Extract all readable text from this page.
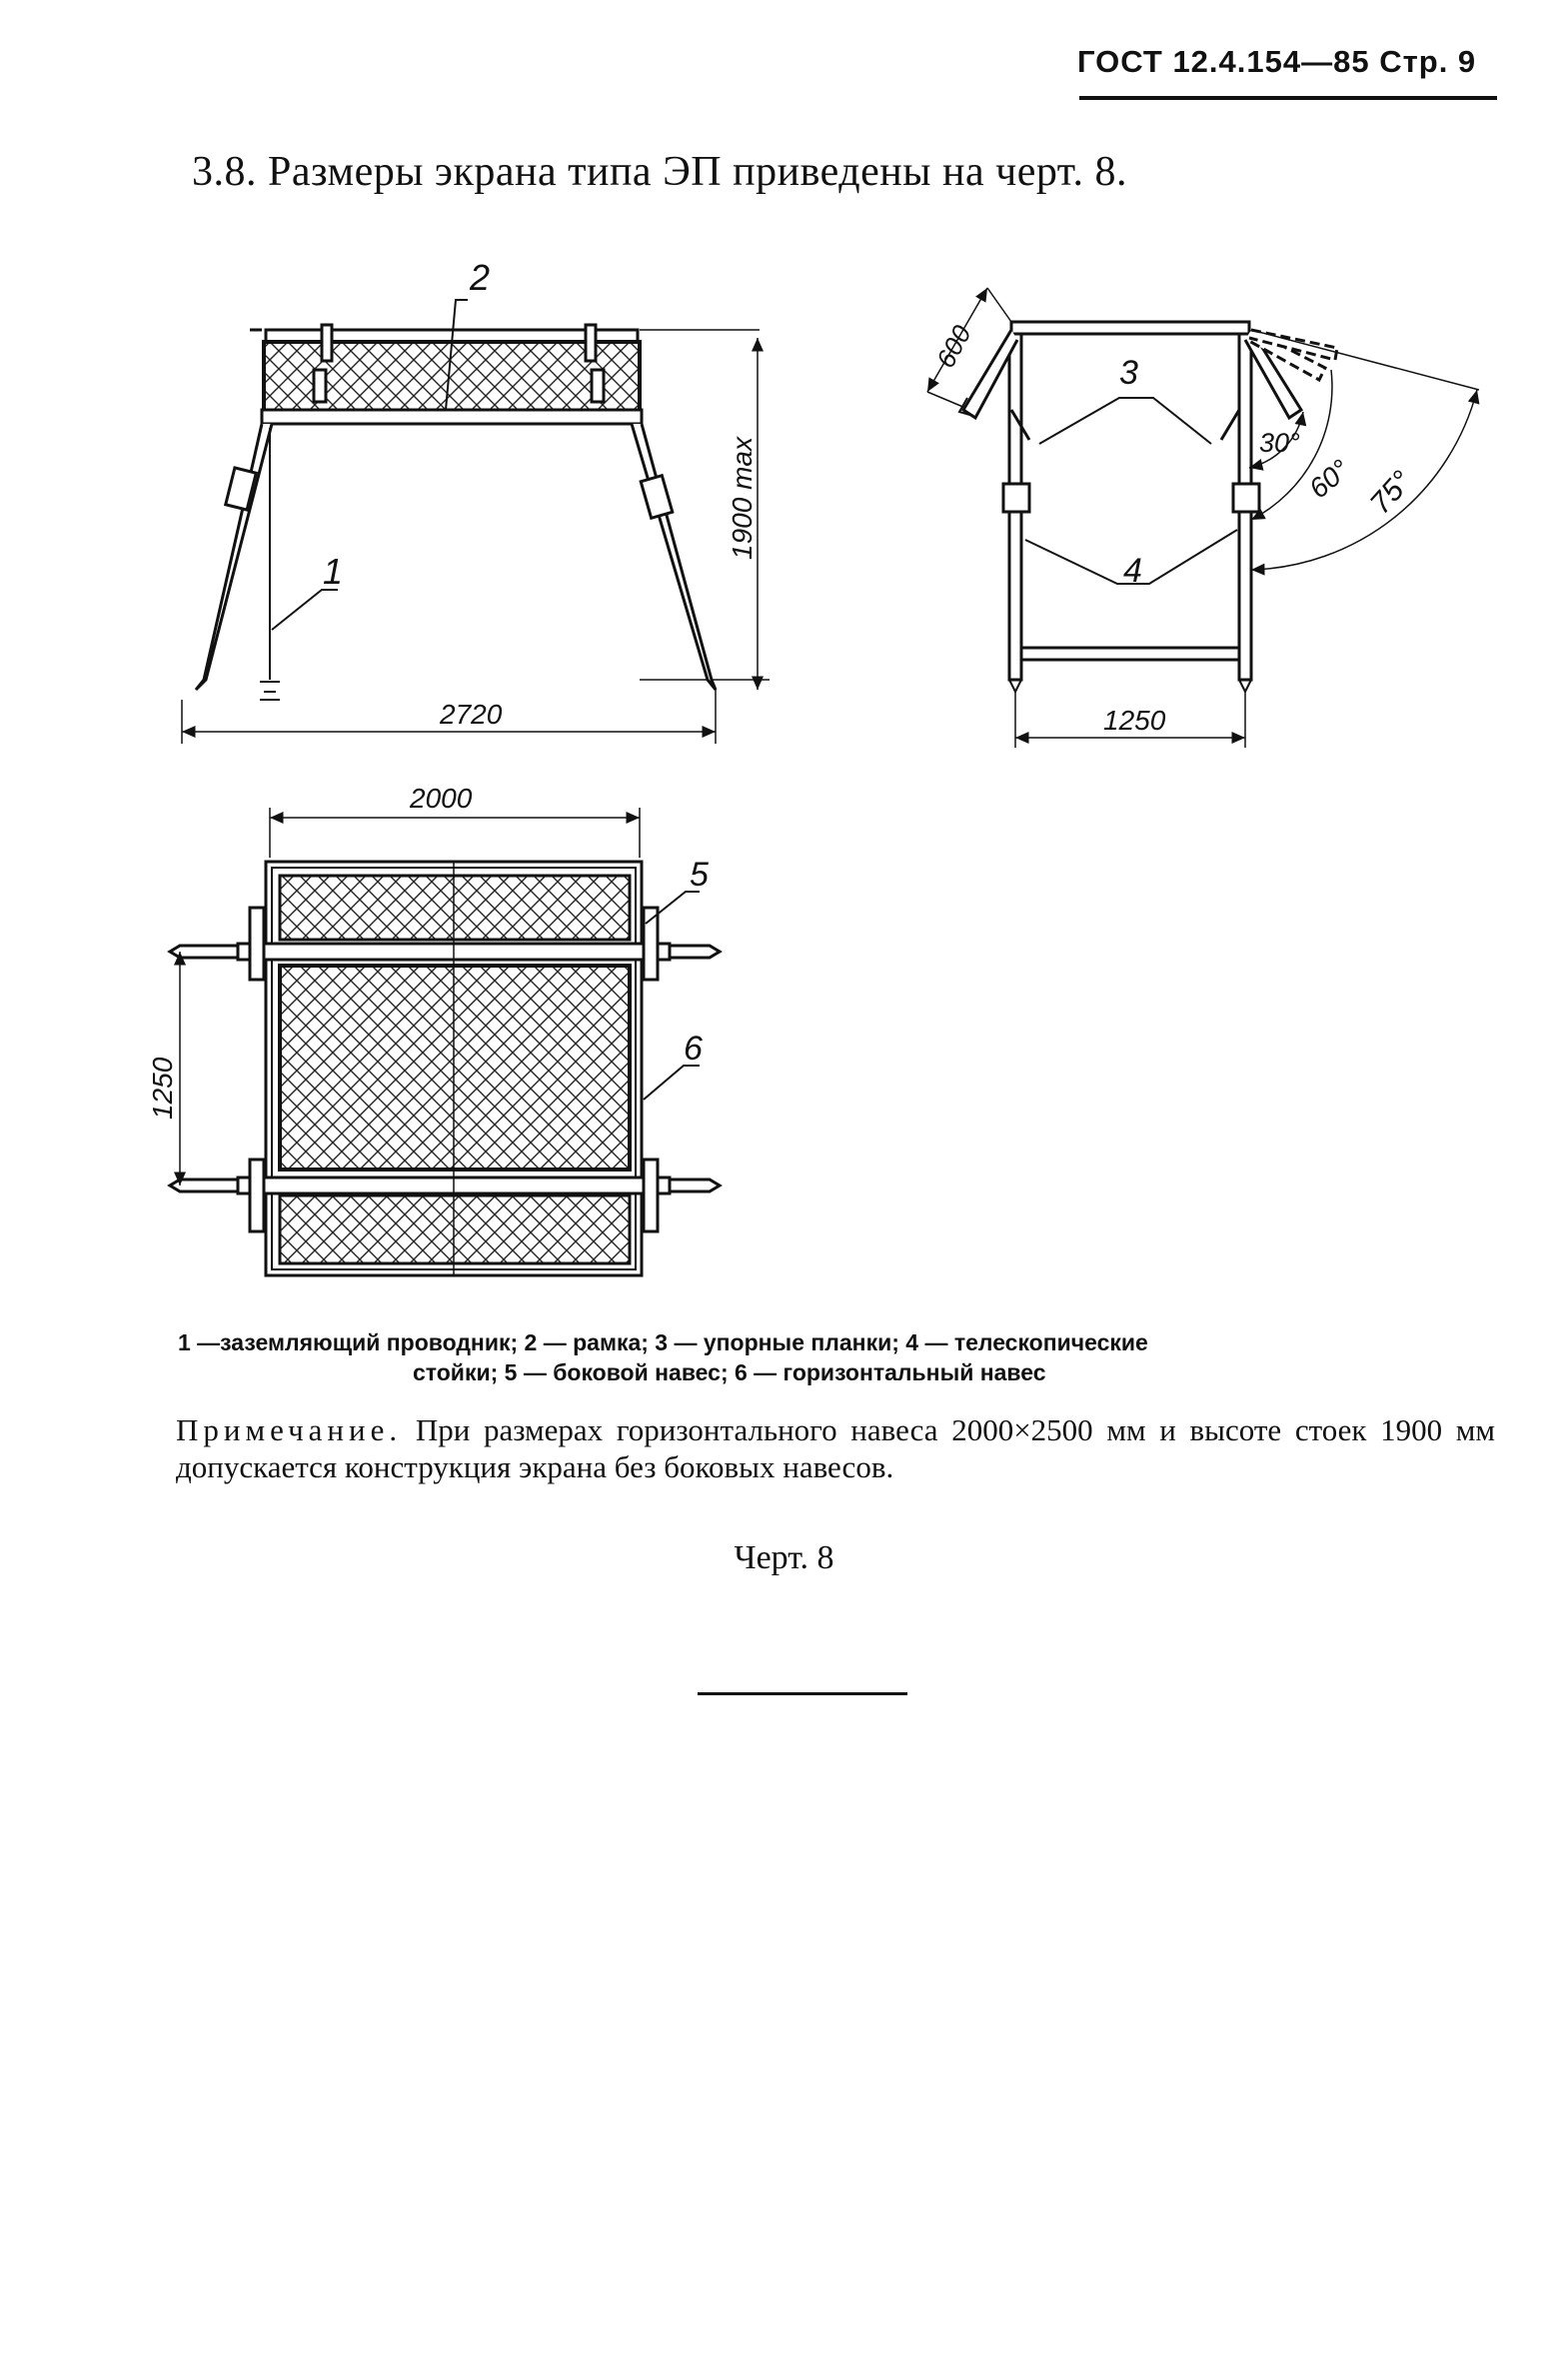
ГОСТ 12.4.154—85 Стр. 9
3.8. Размеры экрана типа ЭП приведены на черт. 8.
2
1
1900 max
2720
600
3
4
30°
60° 75°
1250
2000
1250
5
6
1 —заземляющий проводник; 2 — рамка; 3 — упорные планки; 4 — телескопические
стойки; 5 — боковой навес; 6 — горизонтальный навес
Примечание. При размерах горизонтального навеса 2000×2500 мм и высоте стоек 1900 мм допускается конструкция экрана без боковых навесов.
Черт. 8
